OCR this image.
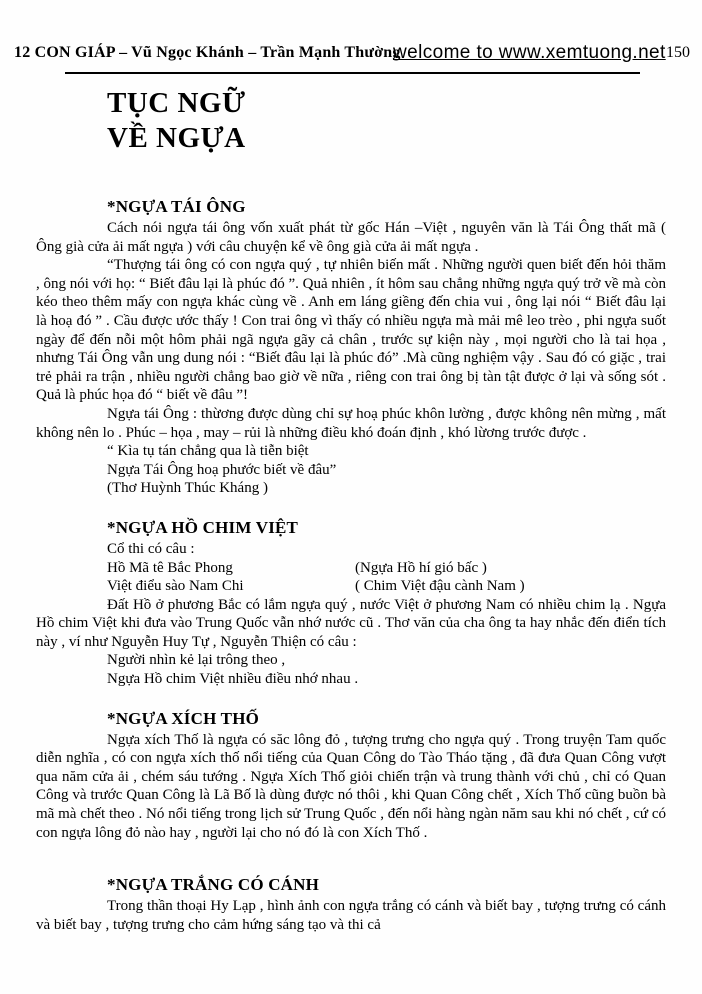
12 CON GIÁP – Vũ Ngọc Khánh – Trần Mạnh Thường
welcome to www.xemtuong.net 150
TỤC NGỮ
VỀ NGỰA
*NGỰA TÁI ÔNG

Cách nói ngựa tái ông vốn xuất phát từ gốc Hán –Việt , nguyên văn là Tái Ông thất mã ( Ông già cửa ải mất ngựa ) với câu chuyện kể về ông già cửa ải mất ngựa .

“Thượng tái ông có con ngựa quý , tự nhiên biến mất . Những người quen biết đến hỏi thăm , ông nói với họ: “ Biết đâu lại là phúc đó ”. Quả nhiên , ít hôm sau chẳng những ngựa quý trở về mà còn kéo theo thêm mấy con ngựa khác cùng về . Anh em láng giềng đến chia vui , ông lại nói “ Biết đâu lại là hoạ đó ” . Cầu được ước thấy ! Con trai ông vì thấy có nhiều ngựa mà mải mê leo trèo , phi ngựa suốt ngày để đến nỗi một hôm phải ngã ngựa gãy cả chân , trước sự kiện này , mọi người cho là tai họa , nhưng Tái Ông vẫn ung dung nói : “Biết đâu lại là phúc đó” .Mà cũng nghiệm vậy . Sau đó có giặc , trai trẻ phải ra trận , nhiều người chẳng bao giờ về nữa , riêng con trai ông bị tàn tật được ở lại và sống sót . Quả là phúc họa đó “ biết về đâu ”!

Ngựa tái Ông : thừơng được dùng chỉ sự hoạ phúc khôn lường , được không nên mừng , mất không nên lo . Phúc – họa , may – rủi là những điều khó đoán định , khó lừơng trước được .

“ Kìa tụ tán chẳng qua là tiễn biệt
Ngựa Tái Ông hoạ phước biết về đâu”
(Thơ Huỳnh Thúc Kháng )
*NGỰA HỒ CHIM VIỆT
Cổ thi có câu :
Hồ Mã tê Bắc Phong	(Ngựa Hồ hí gió bấc )
Việt điểu sào Nam Chi	( Chim Việt đậu cành Nam )

Đất Hồ ở phương Bắc có lắm ngựa quý , nước Việt ở phương Nam có nhiều chim lạ . Ngựa Hồ chim Việt khi đưa vào Trung Quốc vẫn nhớ nước cũ . Thơ văn của cha ông ta hay nhắc đến điển tích này , ví như Nguyễn Huy Tự , Nguyễn Thiện có câu :

Người nhìn kẻ lại trông theo ,
Ngựa Hồ chim Việt nhiều điều nhớ nhau .
*NGỰA XÍCH THỐ

Ngựa xích Thố là ngựa có săc lông đỏ , tượng trưng cho ngựa quý . Trong truyện Tam quốc diễn nghĩa , có con ngựa xích thố nổi tiếng của Quan Công do Tào Tháo tặng , đã đưa Quan Công vượt qua năm cửa ải , chém sáu tướng . Ngựa Xích Thố giỏi chiến trận và trung thành với chủ , chỉ có Quan Công và trước Quan Công là Lã Bố là dùng được nó thôi , khi Quan Công chết , Xích Thố cũng buồn bà mã mà chết theo . Nó nổi tiếng trong lịch sử Trung Quốc , đến nổi hàng ngàn năm sau khi nó chết , cứ có con ngựa lông đỏ nào hay , người lại cho nó đó là con Xích Thố .

*NGỰA TRẮNG CÓ CÁNH

Trong thần thoại Hy Lạp , hình ảnh con ngựa trắng có cánh và biết bay , tượng trưng có cánh và biết bay , tượng trưng cho cảm hứng sáng tạo và thi cả
